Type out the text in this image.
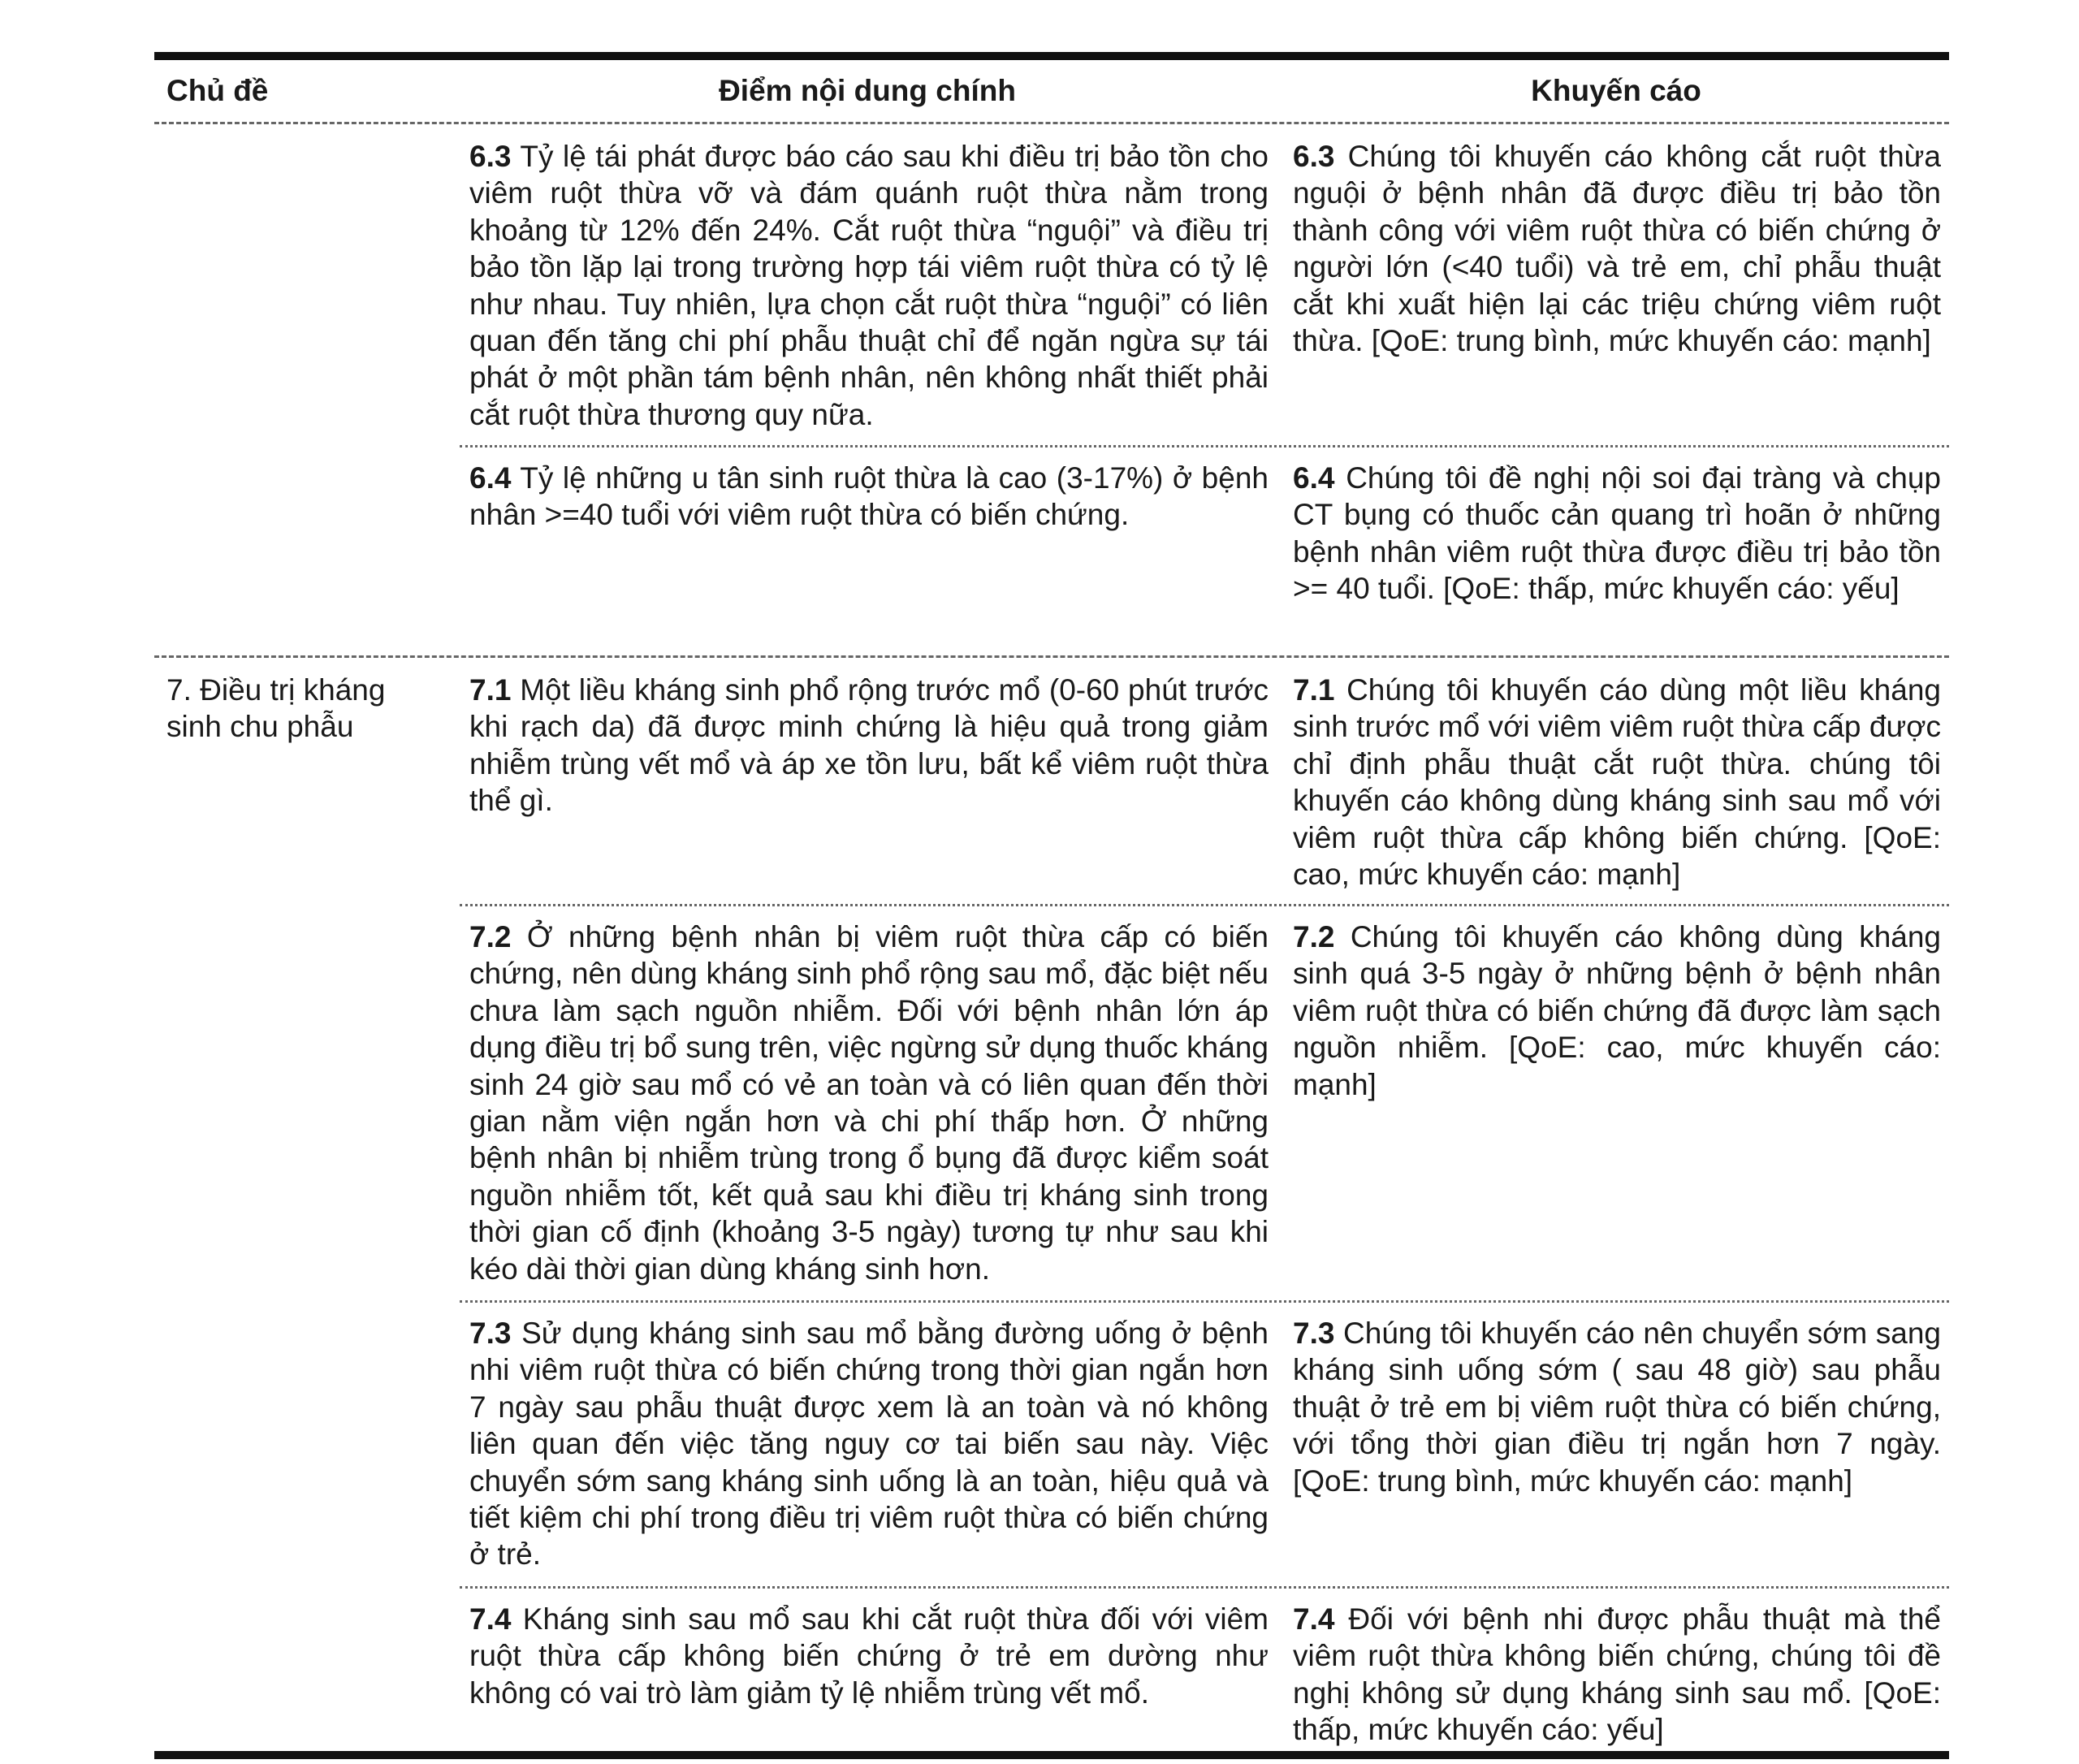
Chủ đề	Điểm nội dung chính	Khuyến cáo
6.3 Tỷ lệ tái phát được báo cáo sau khi điều trị bảo tồn cho viêm ruột thừa vỡ và đám quánh ruột thừa nằm trong khoảng từ 12% đến 24%. Cắt ruột thừa “nguội” và điều trị bảo tồn lặp lại trong trường hợp tái viêm ruột thừa có tỷ lệ như nhau. Tuy nhiên, lựa chọn cắt ruột thừa “nguội” có liên quan đến tăng chi phí phẫu thuật chỉ để ngăn ngừa sự tái phát ở một phần tám bệnh nhân, nên không nhất thiết phải cắt ruột thừa thương quy nữa.
6.3 Chúng tôi khuyến cáo không cắt ruột thừa nguội ở bệnh nhân đã được điều trị bảo tồn thành công với viêm ruột thừa có biến chứng ở người lớn (<40 tuổi) và trẻ em, chỉ phẫu thuật cắt khi xuất hiện lại các triệu chứng viêm ruột thừa. [QoE: trung bình, mức khuyến cáo: mạnh]
6.4 Tỷ lệ những u tân sinh ruột thừa là cao (3-17%) ở bệnh nhân >=40 tuổi với viêm ruột thừa có biến chứng.
6.4 Chúng tôi đề nghị nội soi đại tràng và chụp CT bụng có thuốc cản quang trì hoãn ở những bệnh nhân viêm ruột thừa được điều trị bảo tồn >= 40 tuổi. [QoE: thấp, mức khuyến cáo: yếu]
7. Điều trị kháng sinh chu phẫu
7.1 Một liều kháng sinh phổ rộng trước mổ (0-60 phút trước khi rạch da) đã được minh chứng là hiệu quả trong giảm nhiễm trùng vết mổ và áp xe tồn lưu, bất kể viêm ruột thừa thể gì.
7.1 Chúng tôi khuyến cáo dùng một liều kháng sinh trước mổ với viêm viêm ruột thừa cấp được chỉ định phẫu thuật cắt ruột thừa. chúng tôi khuyến cáo không dùng kháng sinh sau mổ với viêm ruột thừa cấp không biến chứng. [QoE: cao, mức khuyến cáo: mạnh]
7.2 Ở những bệnh nhân bị viêm ruột thừa cấp có biến chứng, nên dùng kháng sinh phổ rộng sau mổ, đặc biệt nếu chưa làm sạch nguồn nhiễm. Đối với bệnh nhân lớn áp dụng điều trị bổ sung trên, việc ngừng sử dụng thuốc kháng sinh 24 giờ sau mổ có vẻ an toàn và có liên quan đến thời gian nằm viện ngắn hơn và chi phí thấp hơn. Ở những bệnh nhân bị nhiễm trùng trong ổ bụng đã được kiểm soát nguồn nhiễm tốt, kết quả sau khi điều trị kháng sinh trong thời gian cố định (khoảng 3-5 ngày) tương tự như sau khi kéo dài thời gian dùng kháng sinh hơn.
7.2 Chúng tôi khuyến cáo không dùng kháng sinh quá 3-5 ngày ở những bệnh ở bệnh nhân viêm ruột thừa có biến chứng đã được làm sạch nguồn nhiễm. [QoE: cao, mức khuyến cáo: mạnh]
7.3 Sử dụng kháng sinh sau mổ bằng đường uống ở bệnh nhi viêm ruột thừa có biến chứng trong thời gian ngắn hơn 7 ngày sau phẫu thuật được xem là an toàn và nó không liên quan đến việc tăng nguy cơ tai biến sau này. Việc chuyển sớm sang kháng sinh uống là an toàn, hiệu quả và tiết kiệm chi phí trong điều trị viêm ruột thừa có biến chứng ở trẻ.
7.3 Chúng tôi khuyến cáo nên chuyển sớm sang kháng sinh uống sớm ( sau 48 giờ) sau phẫu thuật ở trẻ em bị viêm ruột thừa có biến chứng, với tổng thời gian điều trị ngắn hơn 7 ngày. [QoE: trung bình, mức khuyến cáo: mạnh]
7.4 Kháng sinh sau mổ sau khi cắt ruột thừa đối với viêm ruột thừa cấp không biến chứng ở trẻ em dường như không có vai trò làm giảm tỷ lệ nhiễm trùng vết mổ.
7.4 Đối với bệnh nhi được phẫu thuật mà thể viêm ruột thừa không biến chứng, chúng tôi đề nghị không sử dụng kháng sinh sau mổ. [QoE: thấp, mức khuyến cáo: yếu]
